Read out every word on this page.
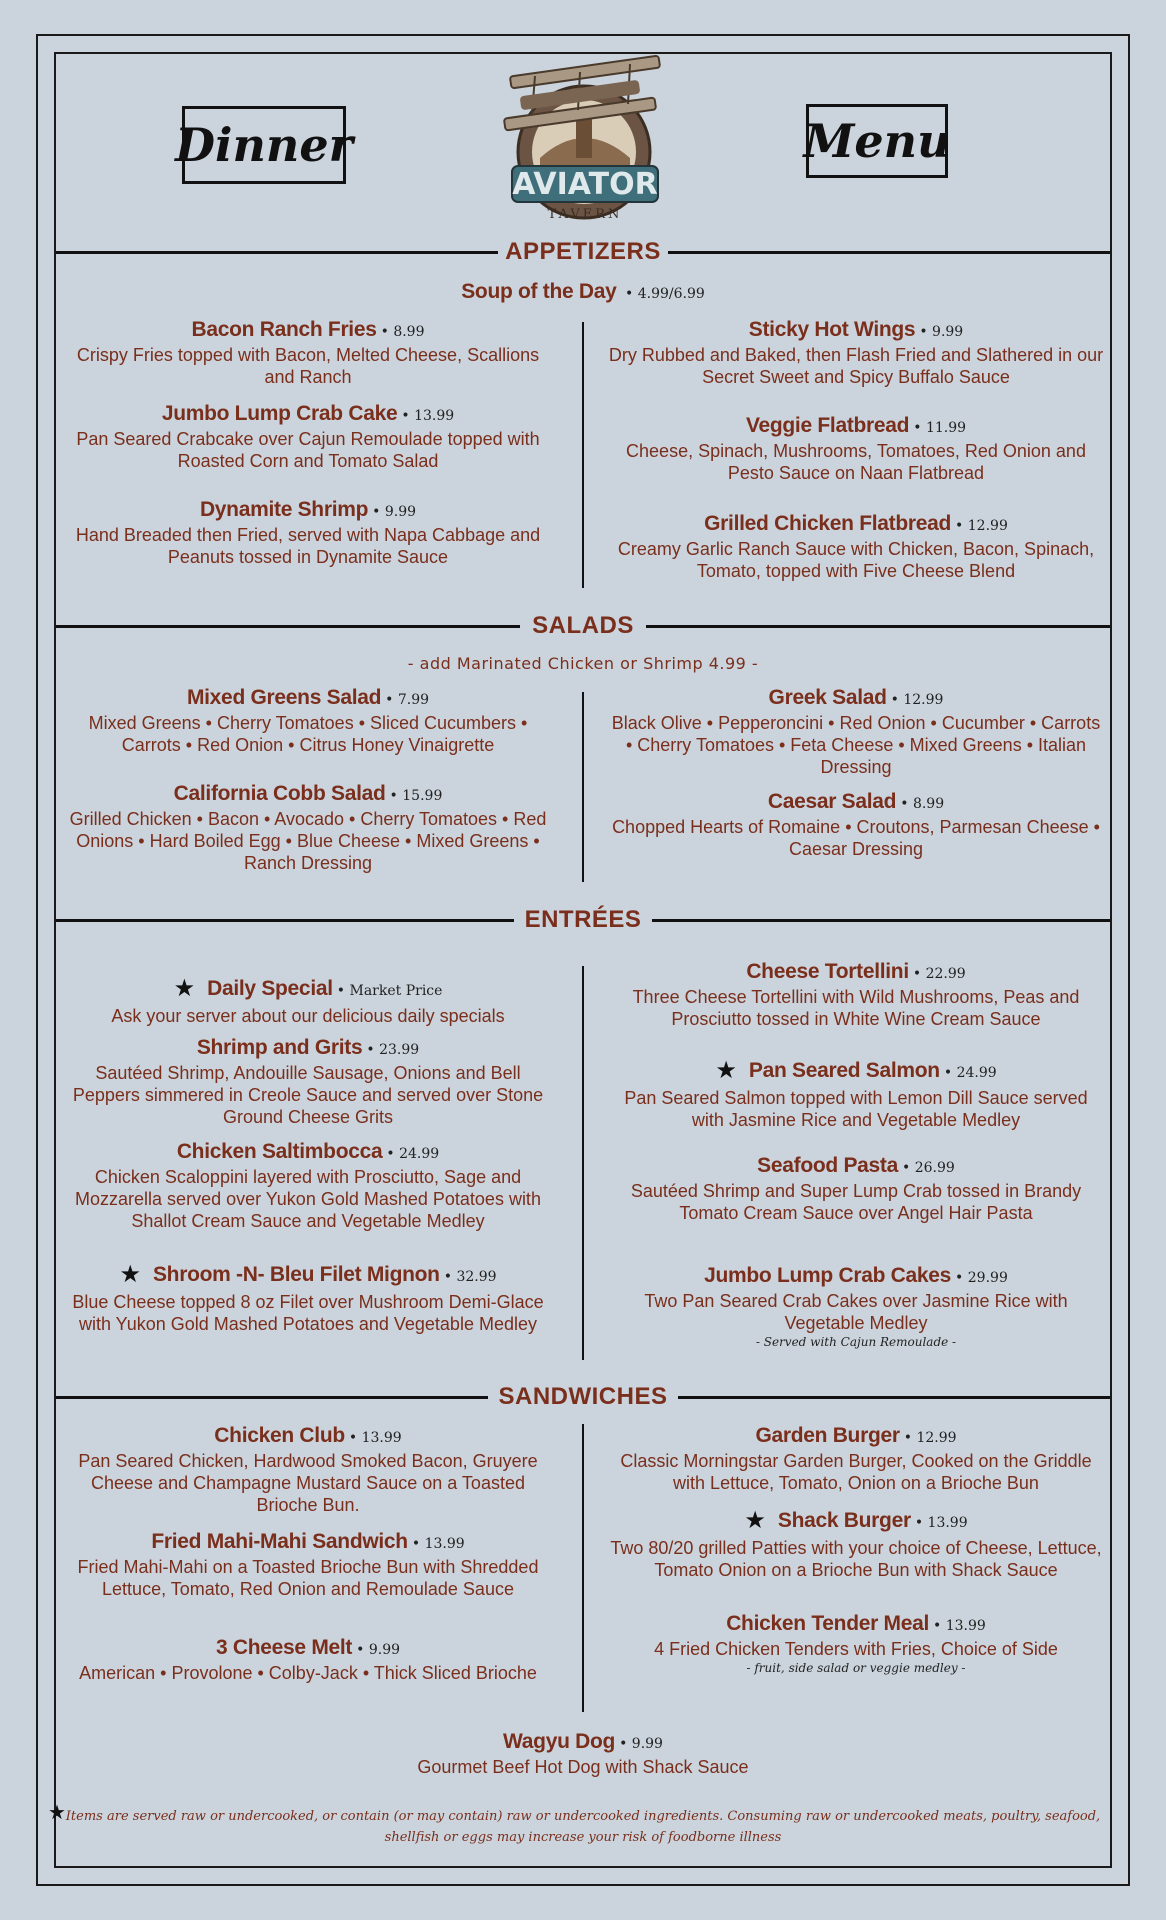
Dinner	Menu
AVIATOR
TAVERN
APPETIZERS
Soup of the Day • 4.99/6.99
Bacon Ranch Fries • 8.99
Crispy Fries topped with Bacon, Melted Cheese, Scallions and Ranch
Jumbo Lump Crab Cake • 13.99
Pan Seared Crabcake over Cajun Remoulade topped with Roasted Corn and Tomato Salad
Dynamite Shrimp • 9.99
Hand Breaded then Fried, served with Napa Cabbage and Peanuts tossed in Dynamite Sauce
Sticky Hot Wings • 9.99
Dry Rubbed and Baked, then Flash Fried and Slathered in our Secret Sweet and Spicy Buffalo Sauce
Veggie Flatbread • 11.99
Cheese, Spinach, Mushrooms, Tomatoes, Red Onion and Pesto Sauce on Naan Flatbread
Grilled Chicken Flatbread • 12.99
Creamy Garlic Ranch Sauce with Chicken, Bacon, Spinach, Tomato, topped with Five Cheese Blend
SALADS
- add Marinated Chicken or Shrimp 4.99 -
Mixed Greens Salad • 7.99
Mixed Greens • Cherry Tomatoes • Sliced Cucumbers • Carrots • Red Onion • Citrus Honey Vinaigrette
California Cobb Salad • 15.99
Grilled Chicken • Bacon • Avocado • Cherry Tomatoes • Red Onions • Hard Boiled Egg • Blue Cheese • Mixed Greens • Ranch Dressing
Greek Salad • 12.99
Black Olive • Pepperoncini • Red Onion • Cucumber • Carrots • Cherry Tomatoes • Feta Cheese • Mixed Greens • Italian Dressing
Caesar Salad • 8.99
Chopped Hearts of Romaine • Croutons, Parmesan Cheese • Caesar Dressing
ENTRÉES
★ Daily Special • Market Price
Ask your server about our delicious daily specials
Shrimp and Grits • 23.99
Sautéed Shrimp, Andouille Sausage, Onions and Bell Peppers simmered in Creole Sauce and served over Stone Ground Cheese Grits
Chicken Saltimbocca • 24.99
Chicken Scaloppini layered with Prosciutto, Sage and Mozzarella served over Yukon Gold Mashed Potatoes with Shallot Cream Sauce and Vegetable Medley
★ Shroom -N- Bleu Filet Mignon • 32.99
Blue Cheese topped 8 oz Filet over Mushroom Demi-Glace with Yukon Gold Mashed Potatoes and Vegetable Medley
Cheese Tortellini • 22.99
Three Cheese Tortellini with Wild Mushrooms, Peas and Prosciutto tossed in White Wine Cream Sauce
★ Pan Seared Salmon • 24.99
Pan Seared Salmon topped with Lemon Dill Sauce served with Jasmine Rice and Vegetable Medley
Seafood Pasta • 26.99
Sautéed Shrimp and Super Lump Crab tossed in Brandy Tomato Cream Sauce over Angel Hair Pasta
Jumbo Lump Crab Cakes • 29.99
Two Pan Seared Crab Cakes over Jasmine Rice with Vegetable Medley
- Served with Cajun Remoulade -
SANDWICHES
Chicken Club • 13.99
Pan Seared Chicken, Hardwood Smoked Bacon, Gruyere Cheese and Champagne Mustard Sauce on a Toasted Brioche Bun.
Fried Mahi-Mahi Sandwich • 13.99
Fried Mahi-Mahi on a Toasted Brioche Bun with Shredded Lettuce, Tomato, Red Onion and Remoulade Sauce
3 Cheese Melt • 9.99
American • Provolone • Colby-Jack • Thick Sliced Brioche
Garden Burger • 12.99
Classic Morningstar Garden Burger, Cooked on the Griddle with Lettuce, Tomato, Onion on a Brioche Bun
★ Shack Burger • 13.99
Two 80/20 grilled Patties with your choice of Cheese, Lettuce, Tomato Onion on a Brioche Bun with Shack Sauce
Chicken Tender Meal • 13.99
4 Fried Chicken Tenders with Fries, Choice of Side
- fruit, side salad or veggie medley -
Wagyu Dog • 9.99
Gourmet Beef Hot Dog with Shack Sauce
★ Items are served raw or undercooked, or contain (or may contain) raw or undercooked ingredients. Consuming raw or undercooked meats, poultry, seafood, shellfish or eggs may increase your risk of foodborne illness
